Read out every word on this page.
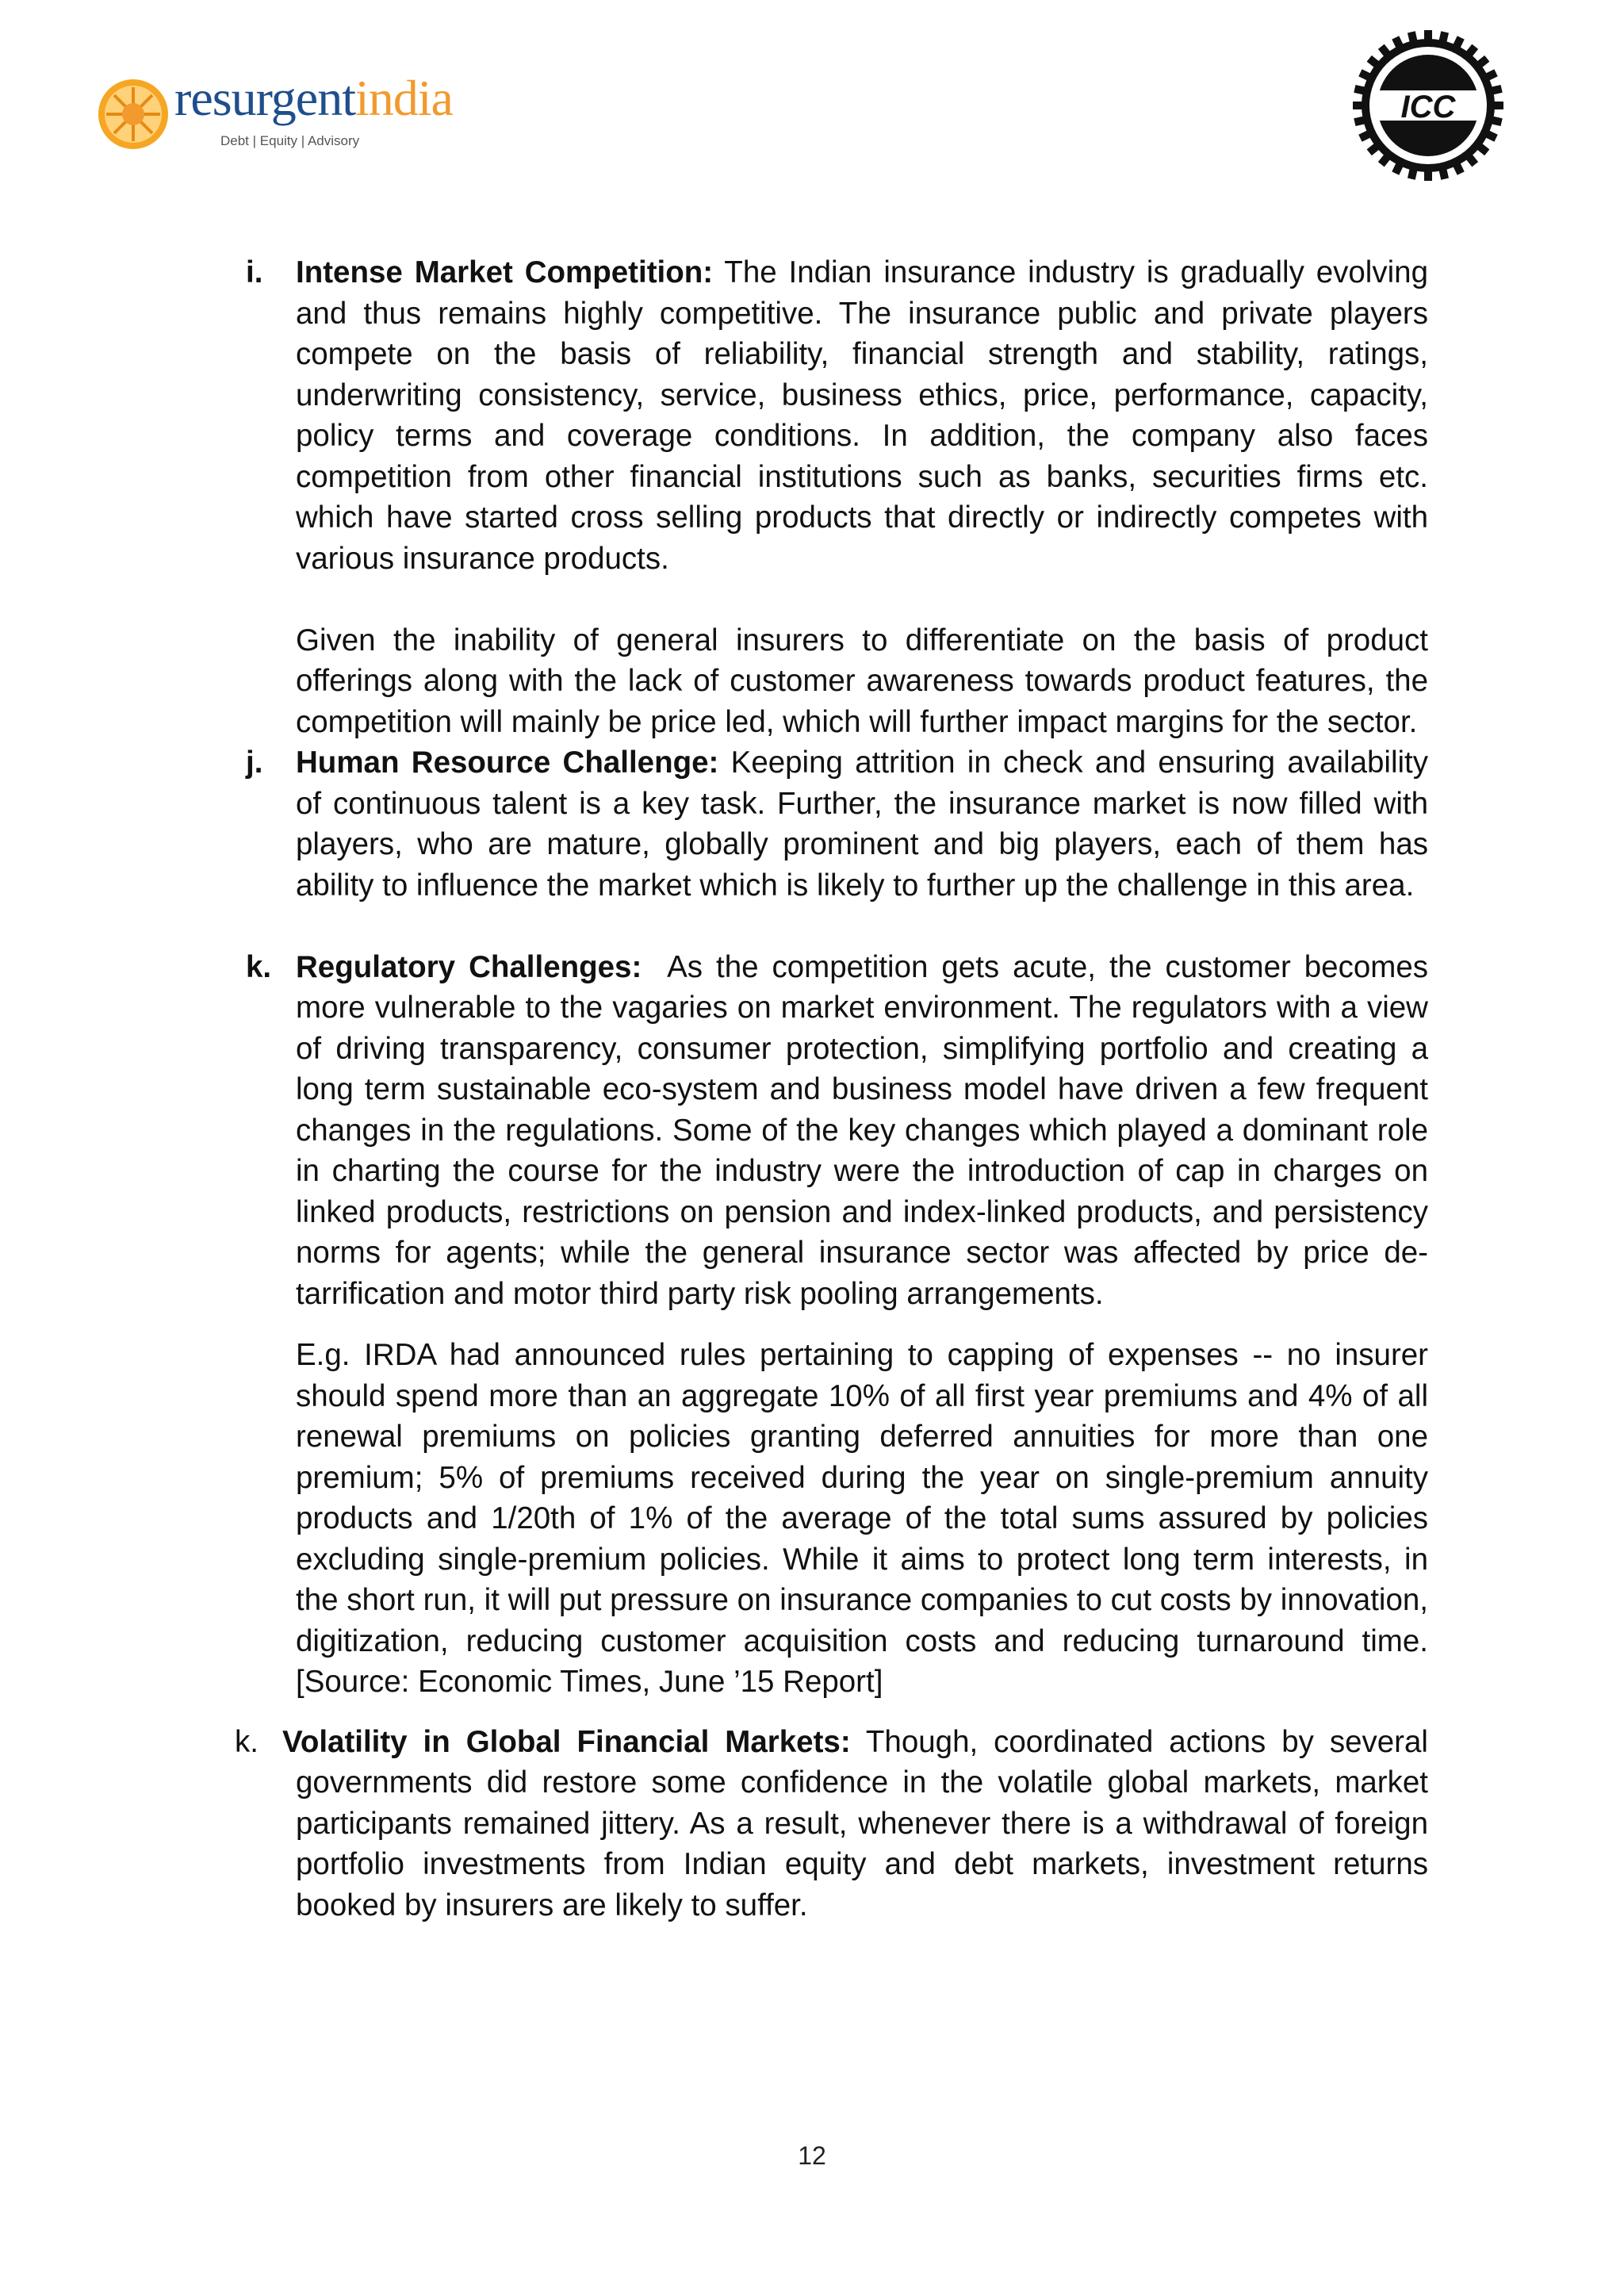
resurgentindia
Debt | Equity | Advisory
ICC
i. Intense Market Competition: The Indian insurance industry is gradually evolving and thus remains highly competitive. The insurance public and private players compete on the basis of reliability, financial strength and stability, ratings, underwriting consistency, service, business ethics, price, performance, capacity, policy terms and coverage conditions. In addition, the company also faces competition from other financial institutions such as banks, securities firms etc. which have started cross selling products that directly or indirectly competes with various insurance products.

Given the inability of general insurers to differentiate on the basis of product offerings along with the lack of customer awareness towards product features, the competition will mainly be price led, which will further impact margins for the sector.

j. Human Resource Challenge: Keeping attrition in check and ensuring availability of continuous talent is a key task. Further, the insurance market is now filled with players, who are mature, globally prominent and big players, each of them has ability to influence the market which is likely to further up the challenge in this area.

k. Regulatory Challenges: As the competition gets acute, the customer becomes more vulnerable to the vagaries on market environment. The regulators with a view of driving transparency, consumer protection, simplifying portfolio and creating a long term sustainable eco-system and business model have driven a few frequent changes in the regulations. Some of the key changes which played a dominant role in charting the course for the industry were the introduction of cap in charges on linked products, restrictions on pension and index-linked products, and persistency norms for agents; while the general insurance sector was affected by price de-tarrification and motor third party risk pooling arrangements.

E.g. IRDA had announced rules pertaining to capping of expenses -- no insurer should spend more than an aggregate 10% of all first year premiums and 4% of all renewal premiums on policies granting deferred annuities for more than one premium; 5% of premiums received during the year on single-premium annuity products and 1/20th of 1% of the average of the total sums assured by policies excluding single-premium policies. While it aims to protect long term interests, in the short run, it will put pressure on insurance companies to cut costs by innovation, digitization, reducing customer acquisition costs and reducing turnaround time. [Source: Economic Times, June ’15 Report]

k. Volatility in Global Financial Markets: Though, coordinated actions by several governments did restore some confidence in the volatile global markets, market participants remained jittery. As a result, whenever there is a withdrawal of foreign portfolio investments from Indian equity and debt markets, investment returns booked by insurers are likely to suffer.

12
